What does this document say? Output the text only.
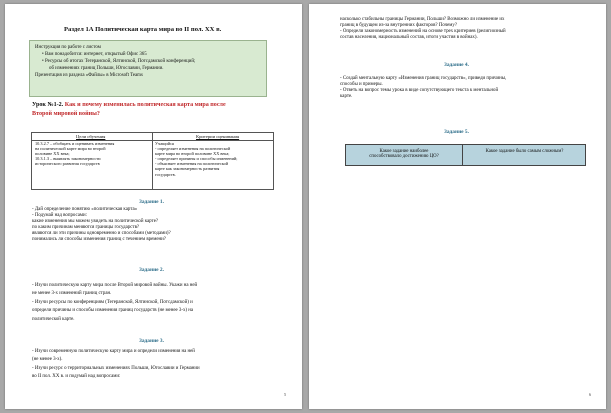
Раздел 1А Политическая карта мира во II пол. XX в.
Инструкция по работе с листом
• Вам понадобится: интернет, открытый Офис 365
• Ресурсы об итогах Тегеранской, Ялтинской, Потсдамской конференций;
об изменениях границ Польши, Югославии, Германии.
Презентация из раздела «Файлы» в Microsoft Teams
Урок №1-2. Как и почему изменилась политическая карта мира после
Второй мировой войны?
Цели обучения	Критерии оценивания
10.3.2.7 – обобщать и оценивать изменения
на политической карте мира во второй
половине XX века;
10.3.1.3 – выявлять закономерности
исторического развития государств
Учащийся
- определяет изменения на политической
карте мира во второй половине XX века;
- определяет причины и способы изменений;
- объясняет изменения на политической
карте как закономерность развития
государств.
Задание 1.
- Дай определение понятию «политическая карта»
- Подумай над вопросами:
какие изменения мы можем увидеть на политической карте?
по каким причинам меняются границы государств?
являются ли эти причины одновременно и способами (методами)?
понимались ли способы изменения границ с течением времени?
Задание 2.
- Изучи политическую карту мира после Второй мировой войны. Укажи на ней
не менее 3-х изменений границ стран.
- Изучи ресурсы по конференциям (Тегеранской, Ялтинской, Потсдамской) и
определи причины и способы изменения границ государств (не менее 3-х) на
политической карте.
Задание 3.
- Изучи современную политическую карту мира и определи изменения на ней
(не менее 3-х).
- Изучи ресурс о территориальных изменениях Польши, Югославии и Германии
во II пол. XX в. и подумай над вопросами:
5
насколько стабильны границы Германии, Польши? Возможно ли изменение их
границ в будущем из-за внутренних факторов? Почему?
- Определи закономерность изменений на основе трех критериев (религиозный
состав населения, национальный состав, итоги участия в войнах).
Задание 4.
- Создай ментальную карту «Изменения границ государств», приведи причины,
способы и примеры.
- Ответь на вопрос темы урока в виде сопутствующего текста к ментальной
карте.
Задание 5.
Какое задание наиболее
способствовало достижению ЦО?
Какое задание было самым сложным?
6
